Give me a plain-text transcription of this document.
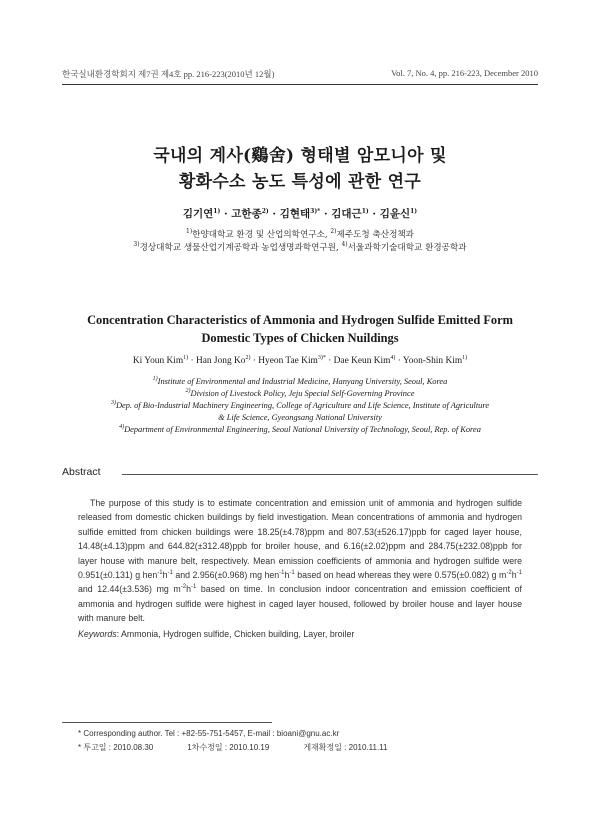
한국실내환경학회지 제7권 제4호 pp. 216-223(2010년 12월)	Vol. 7, No. 4, pp. 216-223, December 2010
국내의 계사(鷄舍) 형태별 암모니아 및
황화수소 농도 특성에 관한 연구
김기연$^{1)}$ · 고한종$^{2)}$ · 김현태$^{3)*}$ · 김대근$^{1)}$ · 김윤신$^{1)}$
$^{1)}$한양대학교 환경 및 산업의학연구소, $^{2)}$제주도청 축산정책과
$^{3)}$경상대학교 생물산업기계공학과 농업생명과학연구원, $^{4)}$서울과학기술대학교 환경공학과
Concentration Characteristics of Ammonia and Hydrogen Sulfide Emitted Form
Domestic Types of Chicken Nuildings
Ki Youn Kim$^{1)}$ · Han Jong $Ko^{2)}$ · Hyeon Tae Kim$^{3)*}$ · Dae Keun Kim$^{4)}$ · Yoon-Shin Kim$^{1)}$
$^{1)}$Institute of Environmental and Industrial Medicine, Hanyang University, Seoul, Korea
$^{2)}$Division of Livestock Policy, Jeju Special Self-Governing Province
$^{3)}$Dep. of Bio-Industrial Machinery Engineering, College of Agriculture and Life Science, Institute of Agriculture
& Life Science, Gyeongsang National University
$^{4)}$Department of Environmental Engineering, Seoul National University of Technology, Seoul, Rep. of Korea
Abstract
The purpose of this study is to estimate concentration and emission unit of ammonia and hydrogen sulfide released from domestic chicken buildings by field investigation. Mean concentrations of ammonia and hydrogen sulfide emitted from chicken buildings were 18.25(±4.78)ppm and 807.53(±526.17)ppb for caged layer house, 14.48(±4.13)ppm and 644.82(±312.48)ppb for broiler house, and 6.16(±2.02)ppm and 284.75(±232.08)ppb for layer house with manure belt, respectively. Mean emission coefficients of ammonia and hydrogen sulfide were 0.951(±0.131) g $hen^{-1}h^{-1}$ and 2.956(±0.968) mg $hen^{-1}h^{-1}$ based on head whereas they were 0.575(±0.082) g $m^{-2}h^{-1}$ and 12.44(±3.536) mg $m^{-2}h^{-1}$ based on time. In conclusion indoor concentration and emission coefficient of ammonia and hydrogen sulfide were highest in caged layer housed, followed by broiler house and layer house with manure belt.
Keywords: Ammonia, Hydrogen sulfide, Chicken building, Layer, broiler
* Corresponding author. Tel : +82-55-751-5457, E-mail : bioani@gnu.ac.kr
* 투고일 : 2010.08.30	1차수정일 : 2010.10.19	게재확정일 : 2010.11.11
